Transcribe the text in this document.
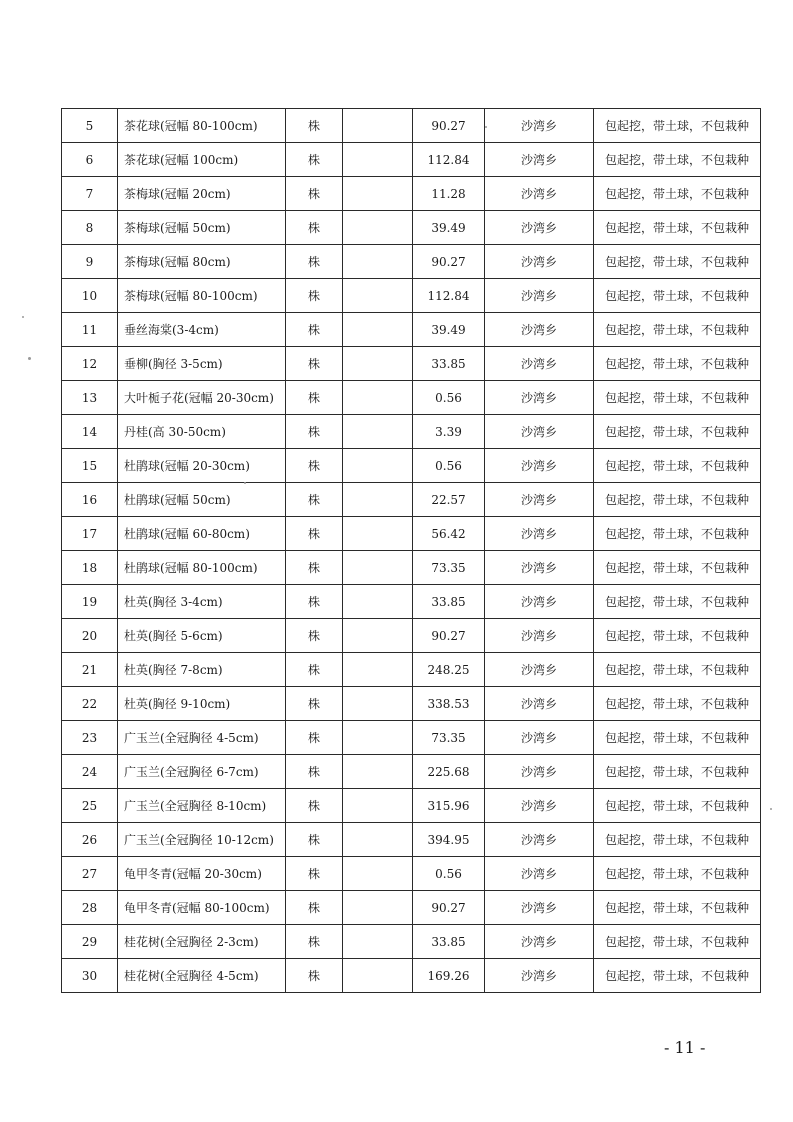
5	茶花球(冠幅 80-100cm)	株		90.27	沙湾乡	包起挖，带土球，不包栽种
6	茶花球(冠幅 100cm)	株		112.84	沙湾乡	包起挖，带土球，不包栽种
7	茶梅球(冠幅 20cm)	株		11.28	沙湾乡	包起挖，带土球，不包栽种
8	茶梅球(冠幅 50cm)	株		39.49	沙湾乡	包起挖，带土球，不包栽种
9	茶梅球(冠幅 80cm)	株		90.27	沙湾乡	包起挖，带土球，不包栽种
10	茶梅球(冠幅 80-100cm)	株		112.84	沙湾乡	包起挖，带土球，不包栽种
11	垂丝海棠(3-4cm)	株		39.49	沙湾乡	包起挖，带土球，不包栽种
12	垂柳(胸径 3-5cm)	株		33.85	沙湾乡	包起挖，带土球，不包栽种
13	大叶栀子花(冠幅 20-30cm)	株		0.56	沙湾乡	包起挖，带土球，不包栽种
14	丹桂(高 30-50cm)	株		3.39	沙湾乡	包起挖，带土球，不包栽种
15	杜鹃球(冠幅 20-30cm)	株		0.56	沙湾乡	包起挖，带土球，不包栽种
16	杜鹃球(冠幅 50cm)	株		22.57	沙湾乡	包起挖，带土球，不包栽种
17	杜鹃球(冠幅 60-80cm)	株		56.42	沙湾乡	包起挖，带土球，不包栽种
18	杜鹃球(冠幅 80-100cm)	株		73.35	沙湾乡	包起挖，带土球，不包栽种
19	杜英(胸径 3-4cm)	株		33.85	沙湾乡	包起挖，带土球，不包栽种
20	杜英(胸径 5-6cm)	株		90.27	沙湾乡	包起挖，带土球，不包栽种
21	杜英(胸径 7-8cm)	株		248.25	沙湾乡	包起挖，带土球，不包栽种
22	杜英(胸径 9-10cm)	株		338.53	沙湾乡	包起挖，带土球，不包栽种
23	广玉兰(全冠胸径 4-5cm)	株		73.35	沙湾乡	包起挖，带土球，不包栽种
24	广玉兰(全冠胸径 6-7cm)	株		225.68	沙湾乡	包起挖，带土球，不包栽种
25	广玉兰(全冠胸径 8-10cm)	株		315.96	沙湾乡	包起挖，带土球，不包栽种
26	广玉兰(全冠胸径 10-12cm)	株		394.95	沙湾乡	包起挖，带土球，不包栽种
27	龟甲冬青(冠幅 20-30cm)	株		0.56	沙湾乡	包起挖，带土球，不包栽种
28	龟甲冬青(冠幅 80-100cm)	株		90.27	沙湾乡	包起挖，带土球，不包栽种
29	桂花树(全冠胸径 2-3cm)	株		33.85	沙湾乡	包起挖，带土球，不包栽种
30	桂花树(全冠胸径 4-5cm)	株		169.26	沙湾乡	包起挖，带土球，不包栽种
- 11 -
